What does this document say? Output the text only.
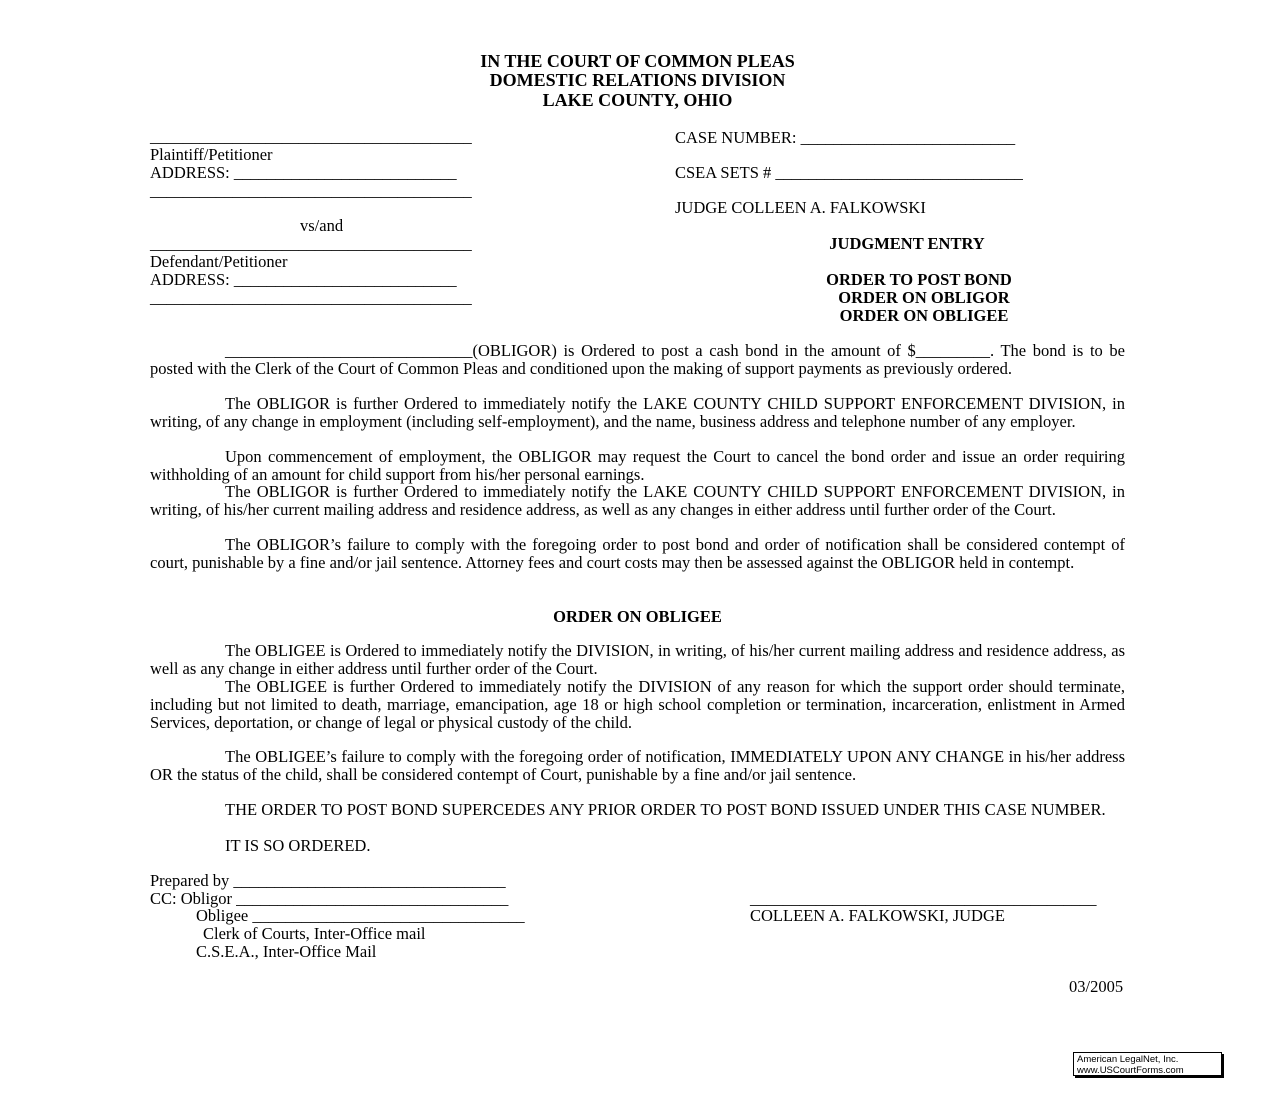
IN THE COURT OF COMMON PLEAS
DOMESTIC RELATIONS DIVISION
LAKE COUNTY, OHIO
_______________________________________
Plaintiff/Petitioner
ADDRESS: ___________________________
_______________________________________
vs/and
_______________________________________
Defendant/Petitioner
ADDRESS: ___________________________
_______________________________________
CASE NUMBER: __________________________
CSEA SETS # ______________________________
JUDGE COLLEEN A. FALKOWSKI
JUDGMENT ENTRY
ORDER TO POST BOND
ORDER ON OBLIGOR
ORDER ON OBLIGEE
______________________________(OBLIGOR) is Ordered to post a cash bond in the amount of $_________. The bond is to be posted with the Clerk of the Court of Common Pleas and conditioned upon the making of support payments as previously ordered.
The OBLIGOR is further Ordered to immediately notify the LAKE COUNTY CHILD SUPPORT ENFORCEMENT DIVISION, in writing, of any change in employment (including self-employment), and the name, business address and telephone number of any employer.
Upon commencement of employment, the OBLIGOR may request the Court to cancel the bond order and issue an order requiring withholding of an amount for child support from his/her personal earnings.
The OBLIGOR is further Ordered to immediately notify the LAKE COUNTY CHILD SUPPORT ENFORCEMENT DIVISION, in writing, of his/her current mailing address and residence address, as well as any changes in either address until further order of the Court.
The OBLIGOR’s failure to comply with the foregoing order to post bond and order of notification shall be considered contempt of court, punishable by a fine and/or jail sentence. Attorney fees and court costs may then be assessed against the OBLIGOR held in contempt.
ORDER ON OBLIGEE
The OBLIGEE is Ordered to immediately notify the DIVISION, in writing, of his/her current mailing address and residence address, as well as any change in either address until further order of the Court.
The OBLIGEE is further Ordered to immediately notify the DIVISION of any reason for which the support order should terminate, including but not limited to death, marriage, emancipation, age 18 or high school completion or termination, incarceration, enlistment in Armed Services, deportation, or change of legal or physical custody of the child.
The OBLIGEE’s failure to comply with the foregoing order of notification, IMMEDIATELY UPON ANY CHANGE in his/her address OR the status of the child, shall be considered contempt of Court, punishable by a fine and/or jail sentence.
THE ORDER TO POST BOND SUPERCEDES ANY PRIOR ORDER TO POST BOND ISSUED UNDER THIS CASE NUMBER.
IT IS SO ORDERED.
Prepared by _________________________________
CC: Obligor _________________________________
Obligee _________________________________
Clerk of Courts, Inter-Office mail
C.S.E.A., Inter-Office Mail
__________________________________________
COLLEEN A. FALKOWSKI, JUDGE
03/2005
American LegalNet, Inc.
www.USCourtForms.com
